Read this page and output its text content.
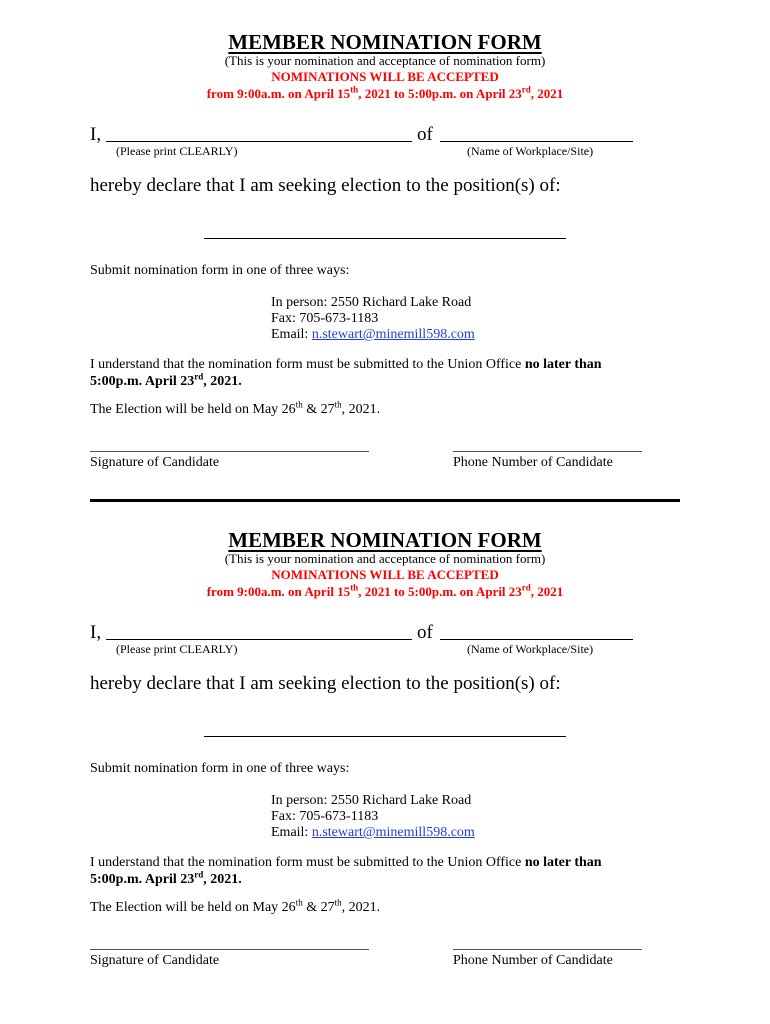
MEMBER NOMINATION FORM
(This is your nomination and acceptance of nomination form)
NOMINATIONS WILL BE ACCEPTED
from 9:00a.m. on April 15th, 2021 to 5:00p.m. on April 23rd, 2021
I,	of
(Please print CLEARLY)	(Name of Workplace/Site)
hereby declare that I am seeking election to the position(s) of:
Submit nomination form in one of three ways:
In person: 2550 Richard Lake Road
Fax: 705-673-1183
Email: n.stewart@minemill598.com
I understand that the nomination form must be submitted to the Union Office no later than
5:00p.m. April 23rd, 2021.
The Election will be held on May 26th & 27th, 2021.
Signature of Candidate	Phone Number of Candidate
MEMBER NOMINATION FORM
(This is your nomination and acceptance of nomination form)
NOMINATIONS WILL BE ACCEPTED
from 9:00a.m. on April 15th, 2021 to 5:00p.m. on April 23rd, 2021
I,	of
(Please print CLEARLY)	(Name of Workplace/Site)
hereby declare that I am seeking election to the position(s) of:
Submit nomination form in one of three ways:
In person: 2550 Richard Lake Road
Fax: 705-673-1183
Email: n.stewart@minemill598.com
I understand that the nomination form must be submitted to the Union Office no later than
5:00p.m. April 23rd, 2021.
The Election will be held on May 26th & 27th, 2021.
Signature of Candidate	Phone Number of Candidate
